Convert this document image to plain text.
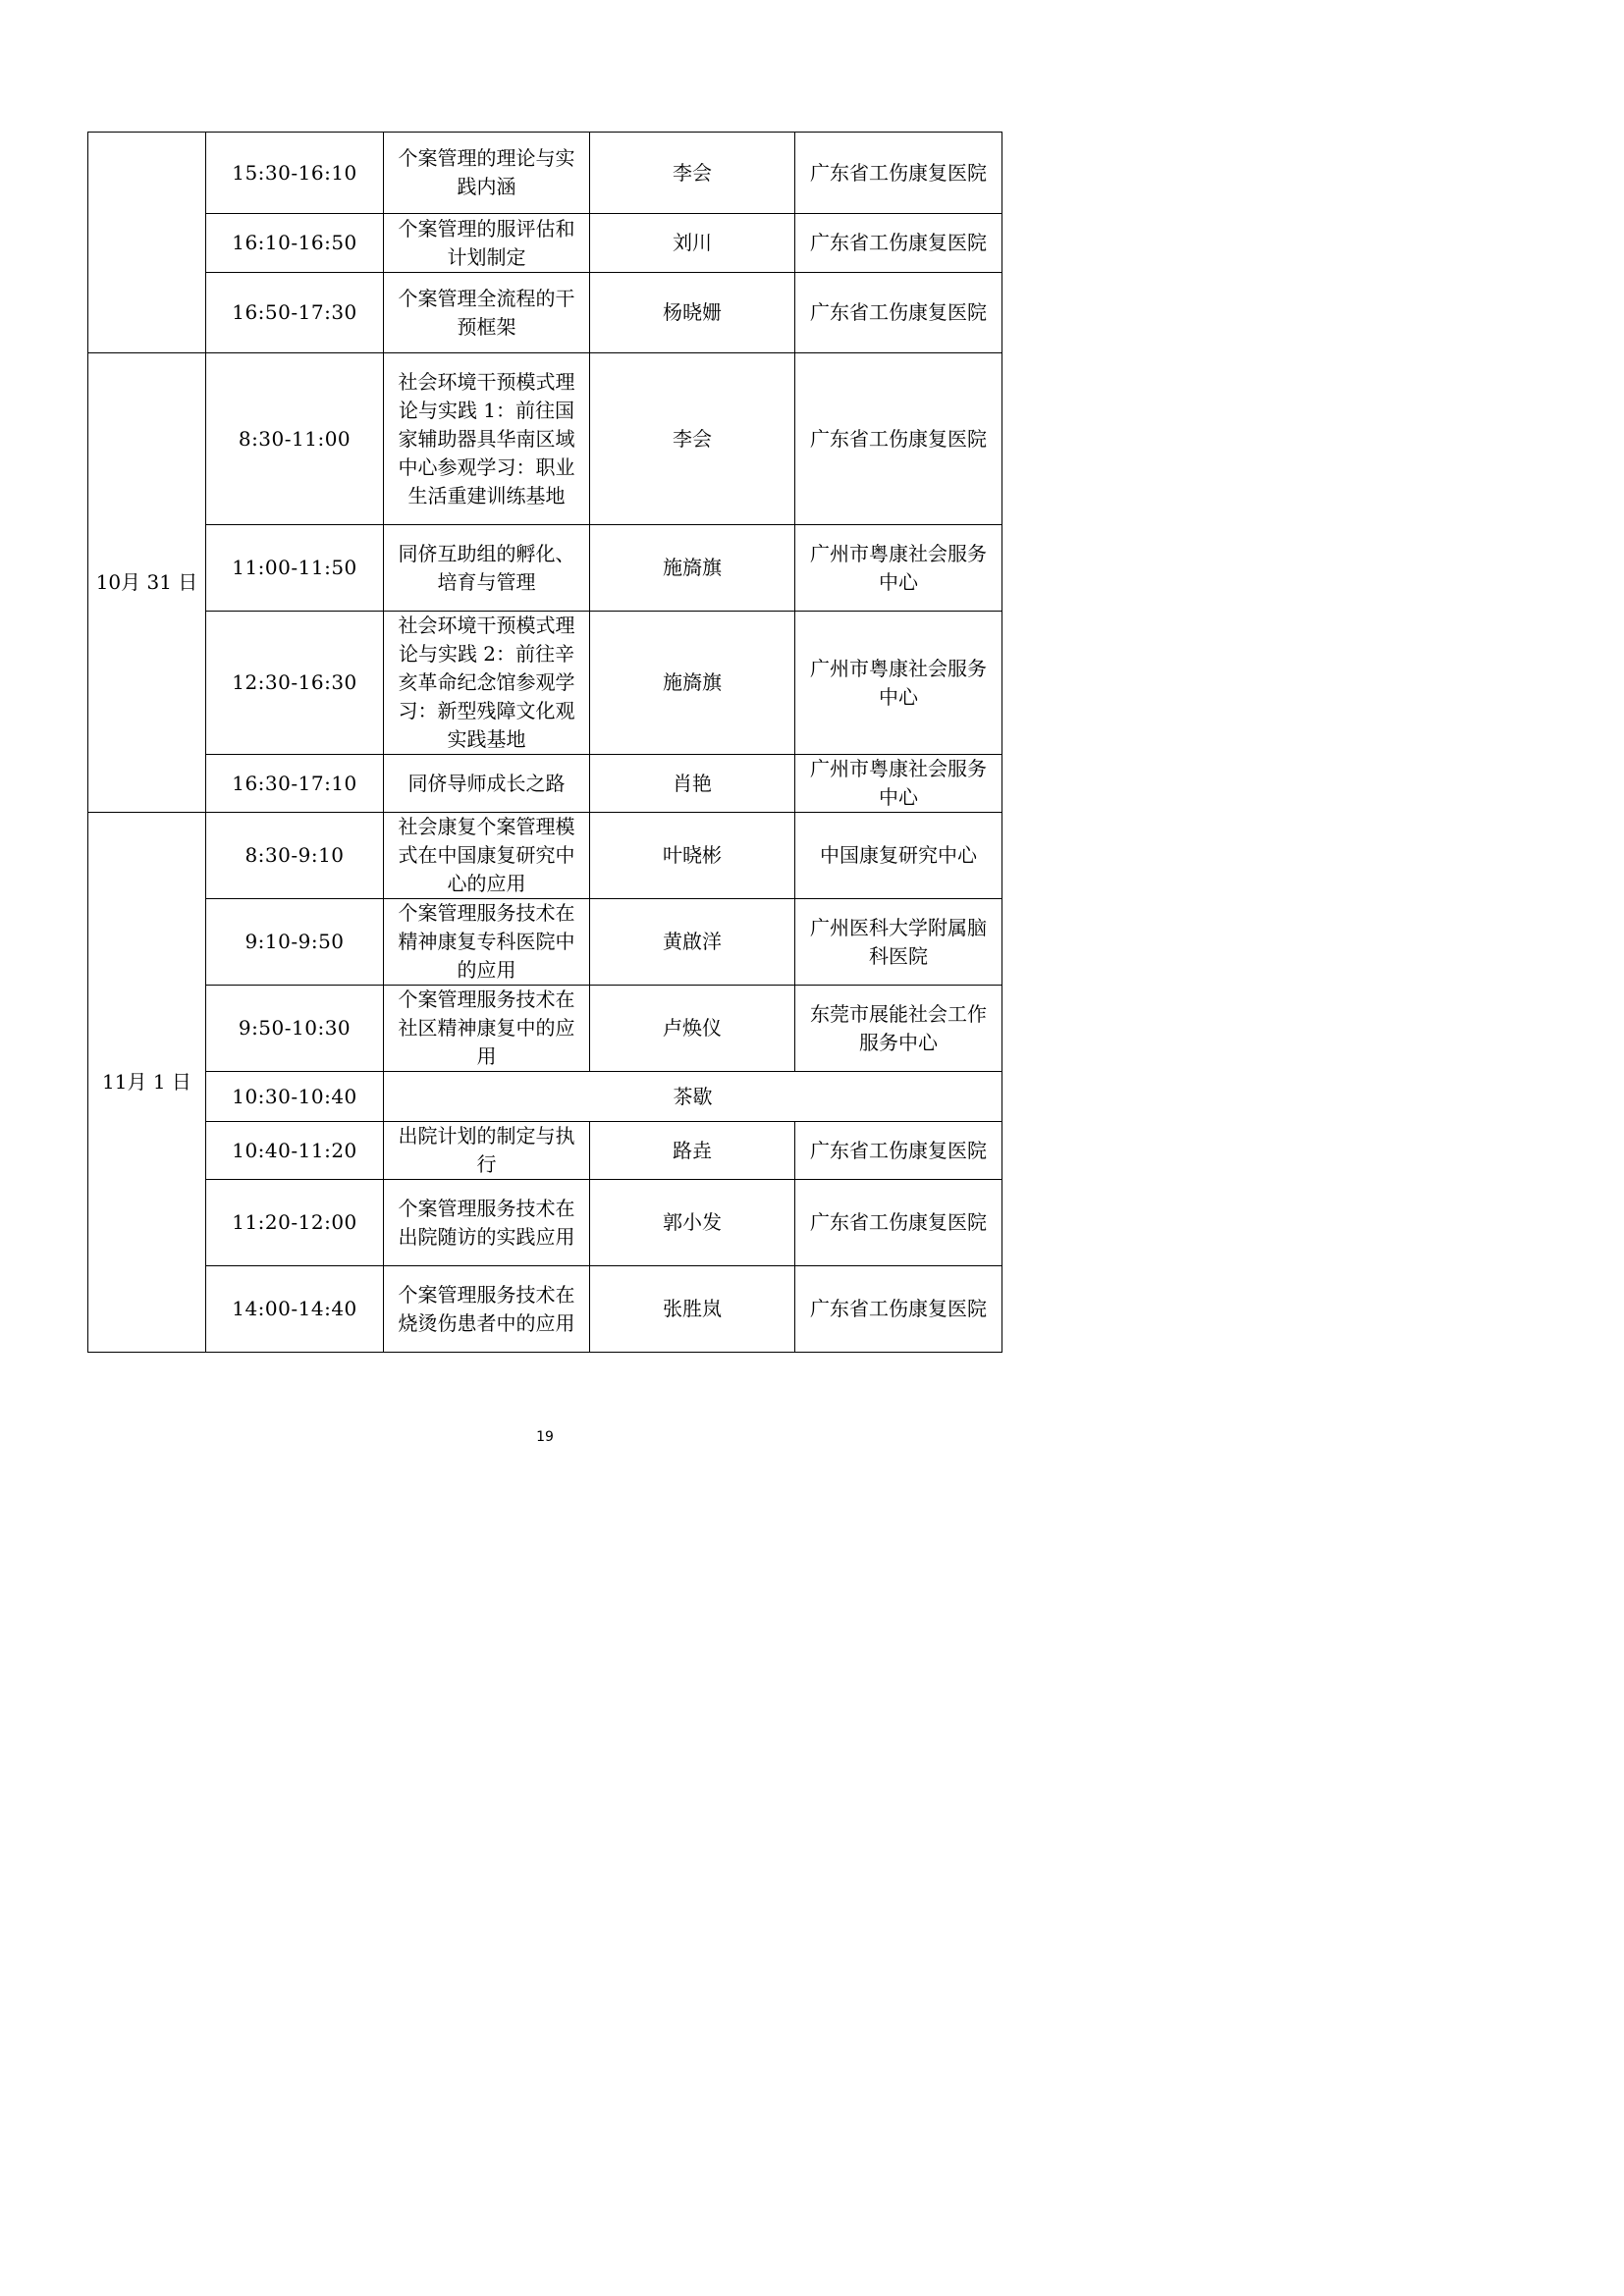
	15:30-16:10	个案管理的理论与实践内涵	李会	广东省工伤康复医院
	16:10-16:50	个案管理的服评估和计划制定	刘川	广东省工伤康复医院
	16:50-17:30	个案管理全流程的干预框架	杨晓姗	广东省工伤康复医院
10月 31 日	8:30-11:00	社会环境干预模式理论与实践 1：前往国家辅助器具华南区域中心参观学习：职业生活重建训练基地	李会	广东省工伤康复医院
	11:00-11:50	同侪互助组的孵化、培育与管理	施旖旗	广州市粤康社会服务中心
	12:30-16:30	社会环境干预模式理论与实践 2：前往辛亥革命纪念馆参观学习：新型残障文化观实践基地	施旖旗	广州市粤康社会服务中心
	16:30-17:10	同侪导师成长之路	肖艳	广州市粤康社会服务中心
11月 1 日	8:30-9:10	社会康复个案管理模式在中国康复研究中心的应用	叶晓彬	中国康复研究中心
	9:10-9:50	个案管理服务技术在精神康复专科医院中的应用	黄啟洋	广州医科大学附属脑科医院
	9:50-10:30	个案管理服务技术在社区精神康复中的应用	卢焕仪	东莞市展能社会工作服务中心
	10:30-10:40	茶歇		
	10:40-11:20	出院计划的制定与执行	路垚	广东省工伤康复医院
	11:20-12:00	个案管理服务技术在出院随访的实践应用	郭小发	广东省工伤康复医院
	14:00-14:40	个案管理服务技术在烧烫伤患者中的应用	张胜岚	广东省工伤康复医院
19
